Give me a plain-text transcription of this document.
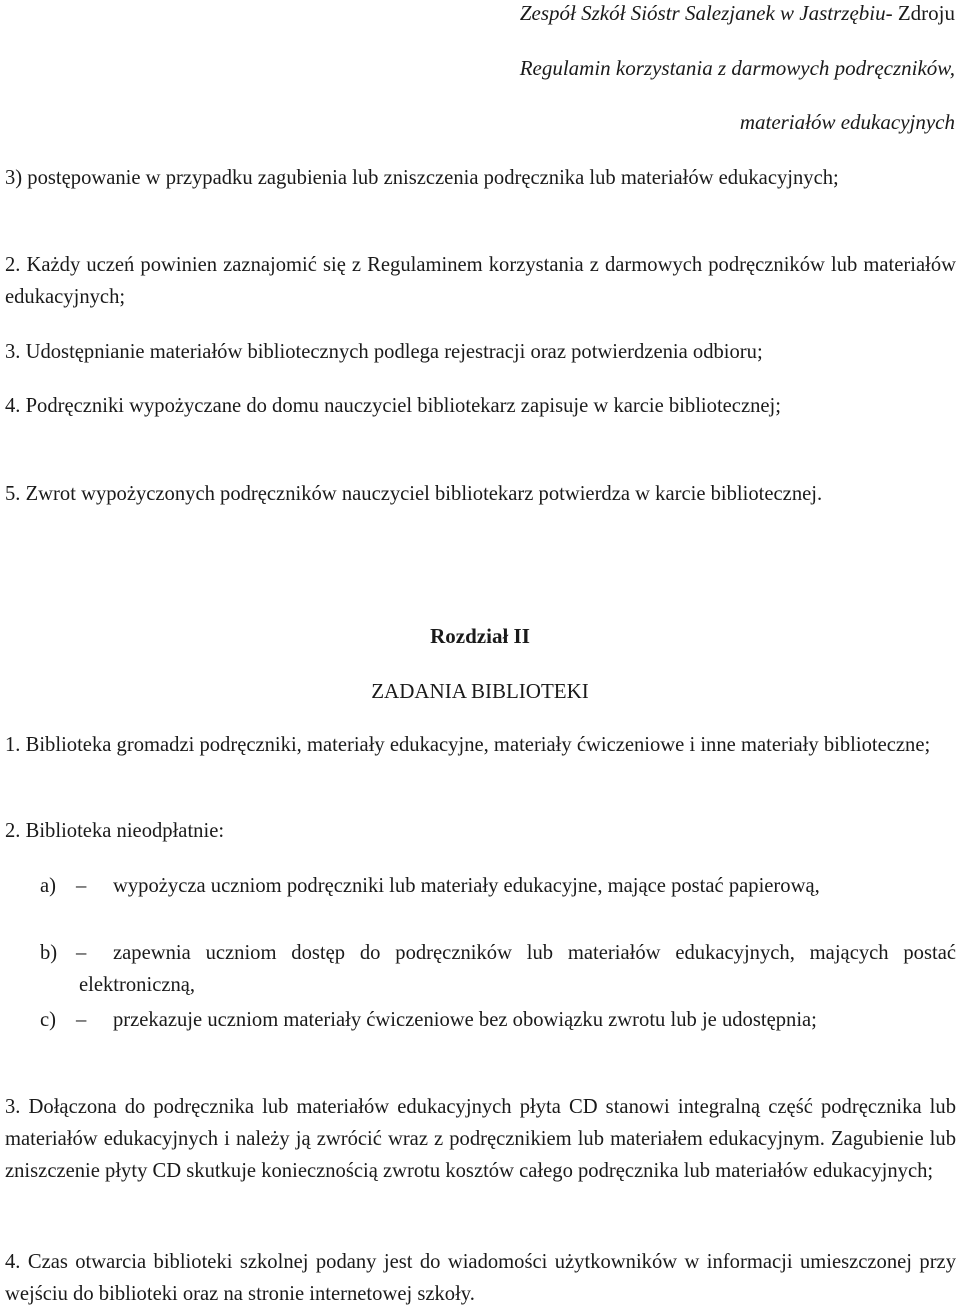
Zespół Szkół Sióstr Salezjanek w Jastrzębiu- Zdroju
Regulamin korzystania z darmowych podręczników,
materiałów edukacyjnych
3) postępowanie w przypadku zagubienia lub zniszczenia podręcznika lub materiałów edukacyjnych;
2. Każdy uczeń powinien zaznajomić się z Regulaminem korzystania z darmowych podręczników lub materiałów edukacyjnych;
3. Udostępnianie materiałów bibliotecznych podlega rejestracji oraz potwierdzenia odbioru;
4. Podręczniki wypożyczane do domu nauczyciel bibliotekarz zapisuje w karcie bibliotecznej;
5. Zwrot wypożyczonych podręczników nauczyciel bibliotekarz potwierdza w karcie bibliotecznej.
Rozdział II
ZADANIA BIBLIOTEKI
1. Biblioteka gromadzi podręczniki, materiały edukacyjne, materiały ćwiczeniowe i inne materiały biblioteczne;
2. Biblioteka nieodpłatnie:
a) –	wypożycza uczniom podręczniki lub materiały edukacyjne, mające postać papierową,
b) –	zapewnia uczniom dostęp do podręczników lub materiałów edukacyjnych, mających postać elektroniczną,
c) –	przekazuje uczniom materiały ćwiczeniowe bez obowiązku zwrotu lub je udostępnia;
3. Dołączona do podręcznika lub materiałów edukacyjnych płyta CD stanowi integralną część podręcznika lub materiałów edukacyjnych i należy ją zwrócić wraz z podręcznikiem lub materiałem edukacyjnym. Zagubienie lub zniszczenie płyty CD skutkuje koniecznością zwrotu kosztów całego podręcznika lub materiałów edukacyjnych;
4. Czas otwarcia biblioteki szkolnej podany jest do wiadomości użytkowników w informacji umieszczonej przy wejściu do biblioteki oraz na stronie internetowej szkoły.
